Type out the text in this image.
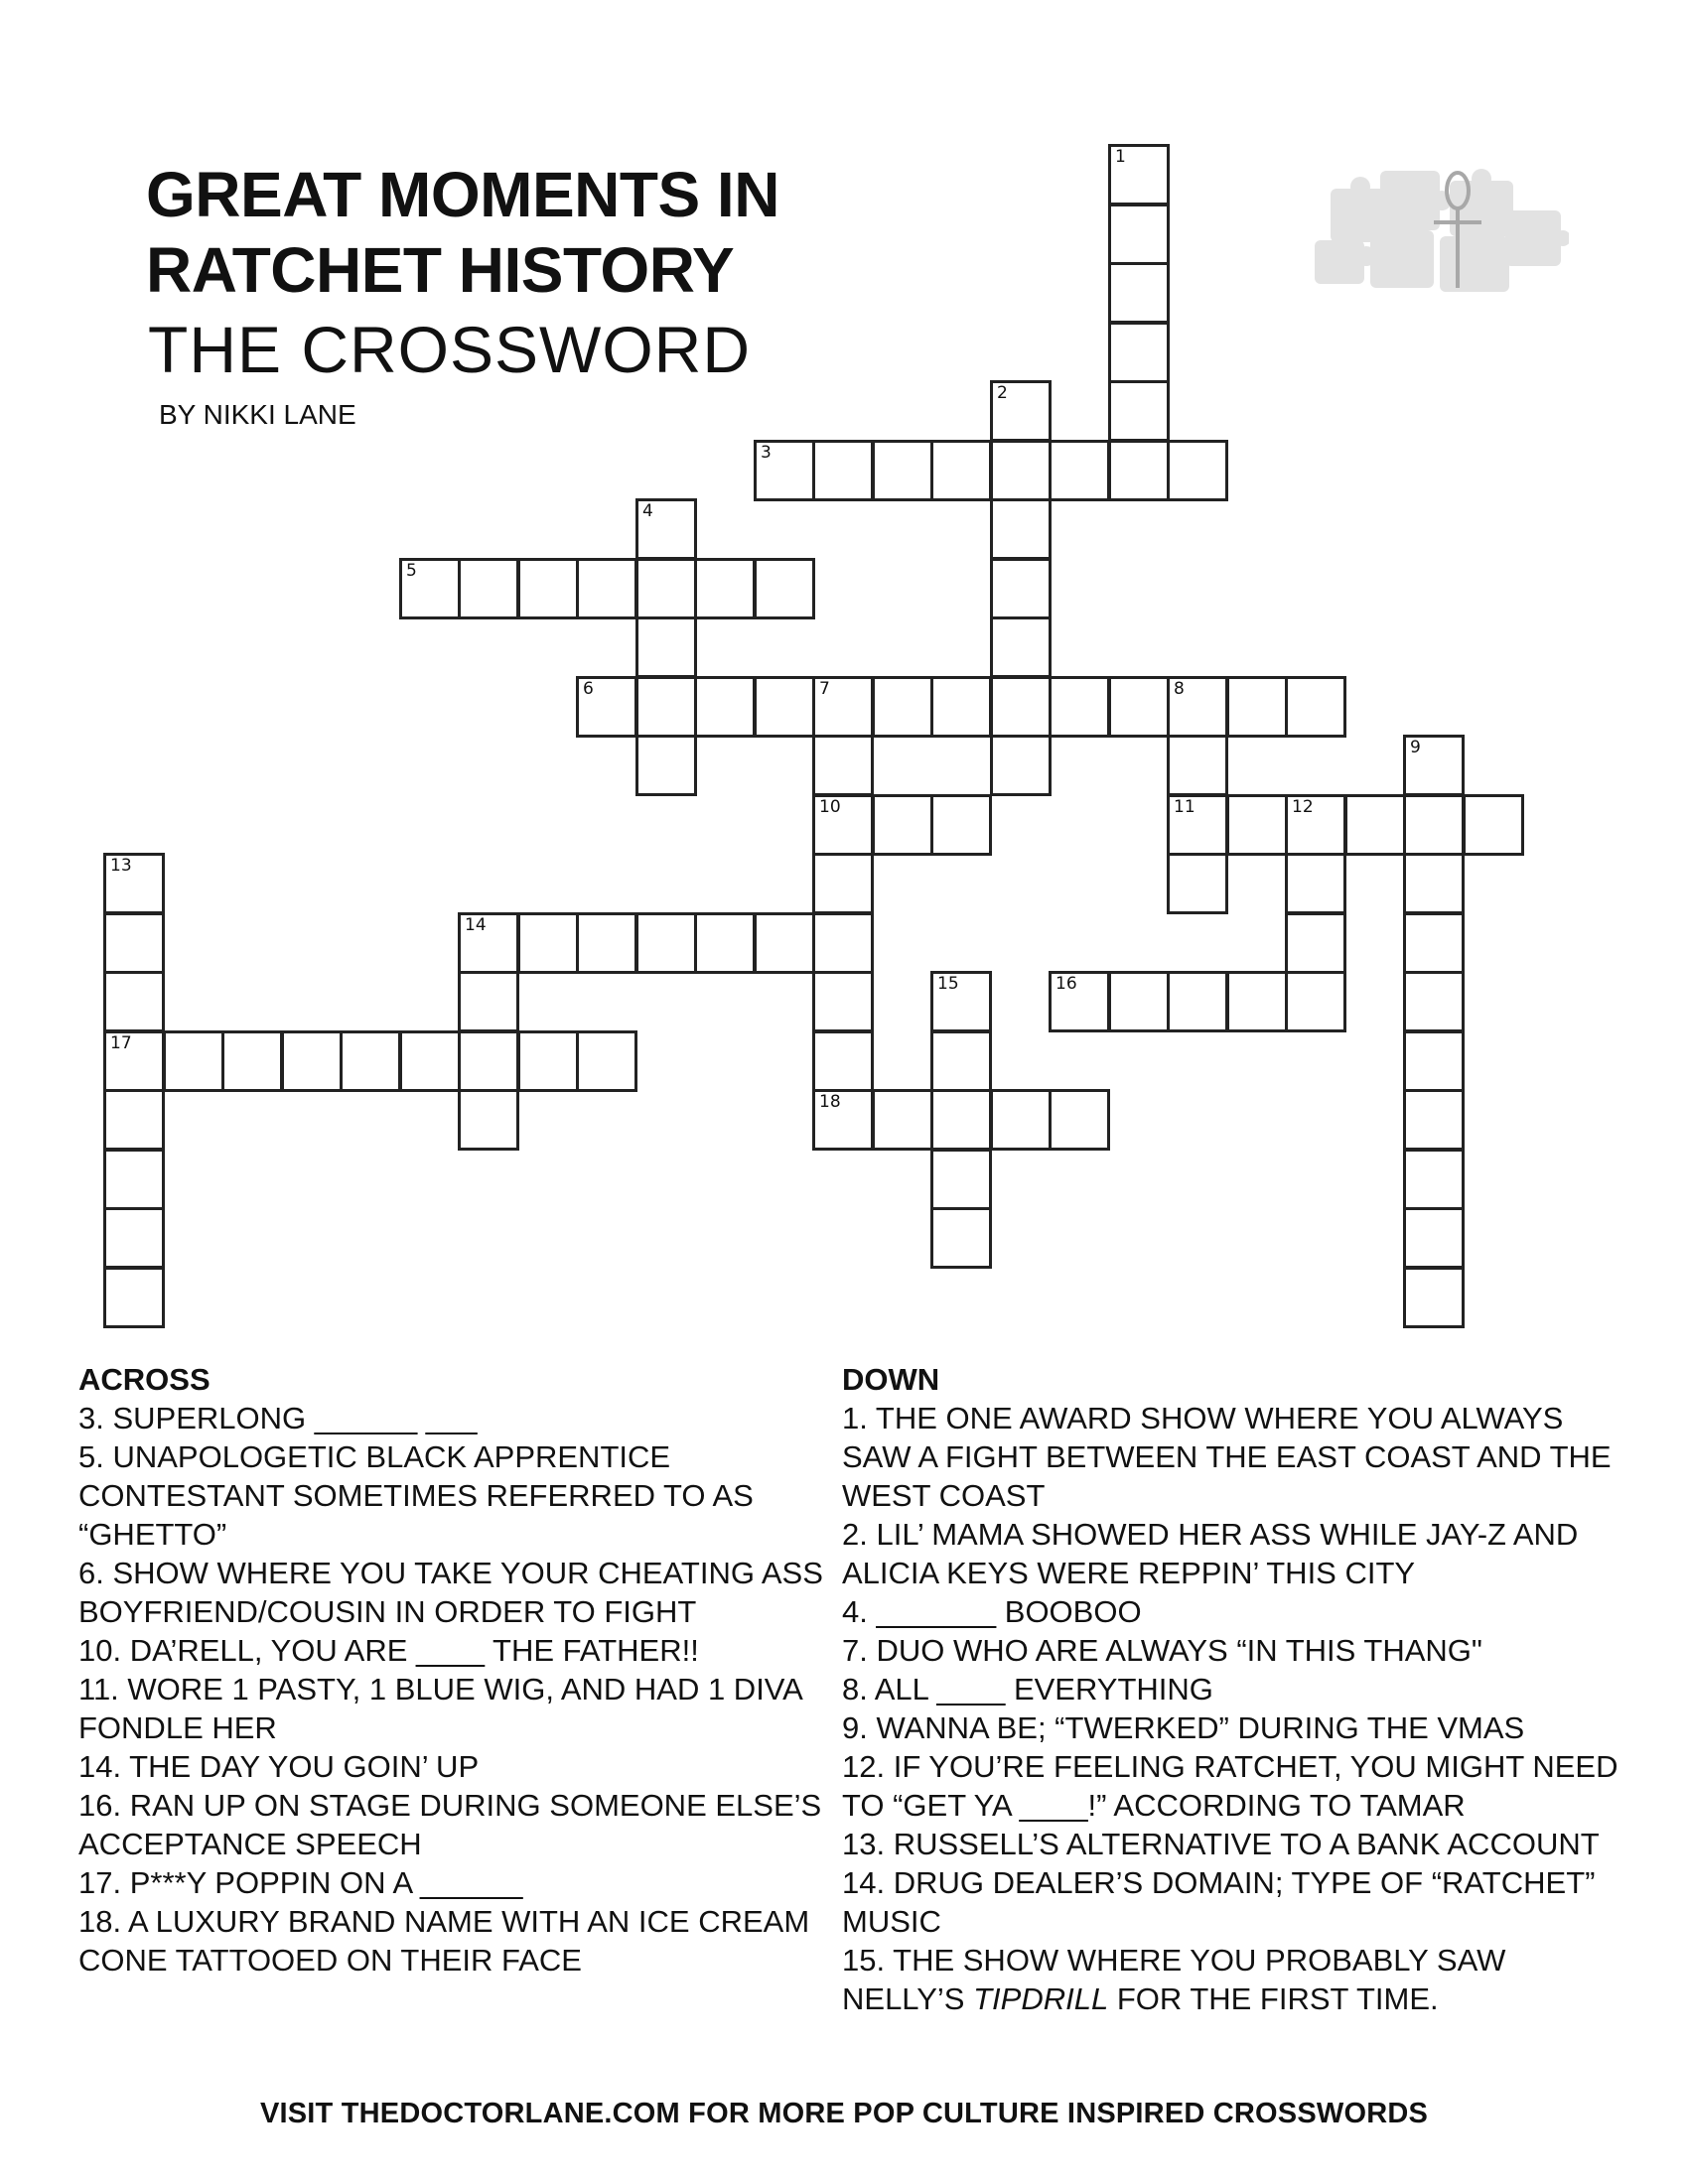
GREAT MOMENTS IN
RATCHET HISTORY
THE CROSSWORD
BY NIKKI LANE
1
2
3
4
5
6	7	8
10	11
9
12
13
17
14
15	16
18

ACROSS

3. SUPERLONG ______ ___

5. UNAPOLOGETIC BLACK APPRENTICE CONTESTANT SOMETIMES REFERRED TO AS “GHETTO”

6. SHOW WHERE YOU TAKE YOUR CHEATING ASS BOYFRIEND/COUSIN IN ORDER TO FIGHT

10. DA’RELL, YOU ARE ____ THE FATHER!!

11. WORE 1 PASTY, 1 BLUE WIG, AND HAD 1 DIVA FONDLE HER

14. THE DAY YOU GOIN’ UP

16. RAN UP ON STAGE DURING SOMEONE ELSE’S ACCEPTANCE SPEECH

17. P***Y POPPIN ON A ______

18. A LUXURY BRAND NAME WITH AN ICE CREAM CONE TATTOOED ON THEIR FACE

DOWN

1. THE ONE AWARD SHOW WHERE YOU ALWAYS SAW A FIGHT BETWEEN THE EAST COAST AND THE WEST COAST

2. LIL’ MAMA SHOWED HER ASS WHILE JAY-Z AND ALICIA KEYS WERE REPPIN’ THIS CITY

4. _______ BOOBOO

7. DUO WHO ARE ALWAYS “IN THIS THANG"

8. ALL ____ EVERYTHING

9. WANNA BE; “TWERKED” DURING THE VMAS

12. IF YOU’RE FEELING RATCHET, YOU MIGHT NEED TO “GET YA ____!” ACCORDING TO TAMAR

13. RUSSELL’S ALTERNATIVE TO A BANK ACCOUNT

14. DRUG DEALER’S DOMAIN; TYPE OF “RATCHET” MUSIC

15. THE SHOW WHERE YOU PROBABLY SAW NELLY’S TIPDRILL FOR THE FIRST TIME.

VISIT THEDOCTORLANE.COM FOR MORE POP CULTURE INSPIRED CROSSWORDS
